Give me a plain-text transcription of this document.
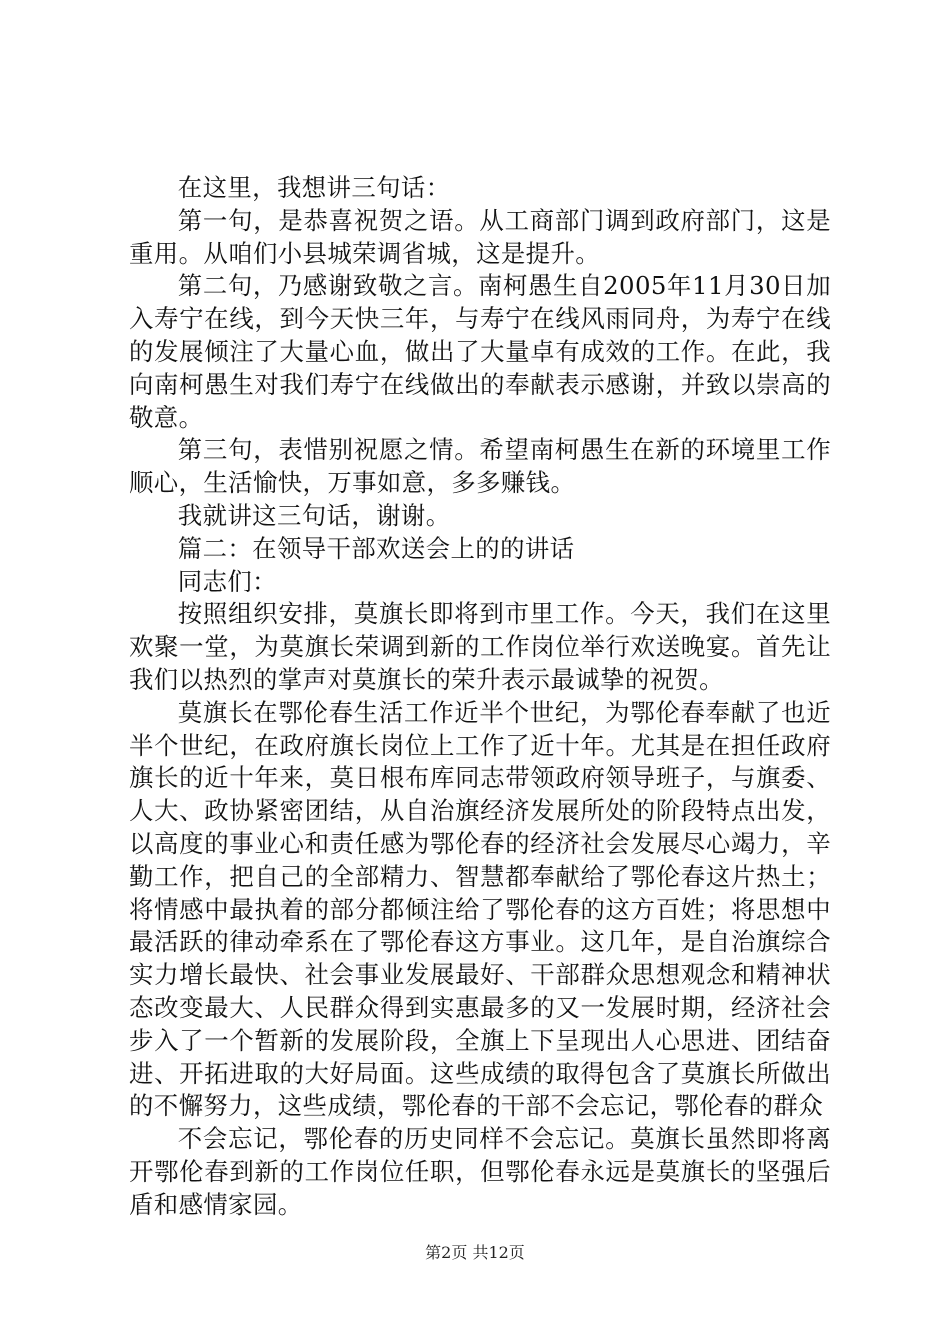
在这里，我想讲三句话：

第一句，是恭喜祝贺之语。从工商部门调到政府部门，这是重用。从咱们小县城荣调省城，这是提升。

第二句，乃感谢致敬之言。南柯愚生自2005年11月30日加入寿宁在线，到今天快三年，与寿宁在线风雨同舟，为寿宁在线的发展倾注了大量心血，做出了大量卓有成效的工作。在此，我向南柯愚生对我们寿宁在线做出的奉献表示感谢，并致以崇高的敬意。

第三句，表惜别祝愿之情。希望南柯愚生在新的环境里工作顺心，生活愉快，万事如意，多多赚钱。

我就讲这三句话，谢谢。

篇二：在领导干部欢送会上的的讲话

同志们：

按照组织安排，莫旗长即将到市里工作。今天，我们在这里欢聚一堂，为莫旗长荣调到新的工作岗位举行欢送晚宴。首先让我们以热烈的掌声对莫旗长的荣升表示最诚挚的祝贺。

莫旗长在鄂伦春生活工作近半个世纪，为鄂伦春奉献了也近半个世纪，在政府旗长岗位上工作了近十年。尤其是在担任政府旗长的近十年来，莫日根布库同志带领政府领导班子，与旗委、人大、政协紧密团结，从自治旗经济发展所处的阶段特点出发，以高度的事业心和责任感为鄂伦春的经济社会发展尽心竭力，辛勤工作，把自己的全部精力、智慧都奉献给了鄂伦春这片热土；将情感中最执着的部分都倾注给了鄂伦春的这方百姓；将思想中最活跃的律动牵系在了鄂伦春这方事业。这几年，是自治旗综合实力增长最快、社会事业发展最好、干部群众思想观念和精神状态改变最大、人民群众得到实惠最多的又一发展时期，经济社会步入了一个暂新的发展阶段，全旗上下呈现出人心思进、团结奋进、开拓进取的大好局面。这些成绩的取得包含了莫旗长所做出的不懈努力，这些成绩，鄂伦春的干部不会忘记，鄂伦春的群众

不会忘记，鄂伦春的历史同样不会忘记。莫旗长虽然即将离开鄂伦春到新的工作岗位任职，但鄂伦春永远是莫旗长的坚强后盾和感情家园。

第2页 共12页
